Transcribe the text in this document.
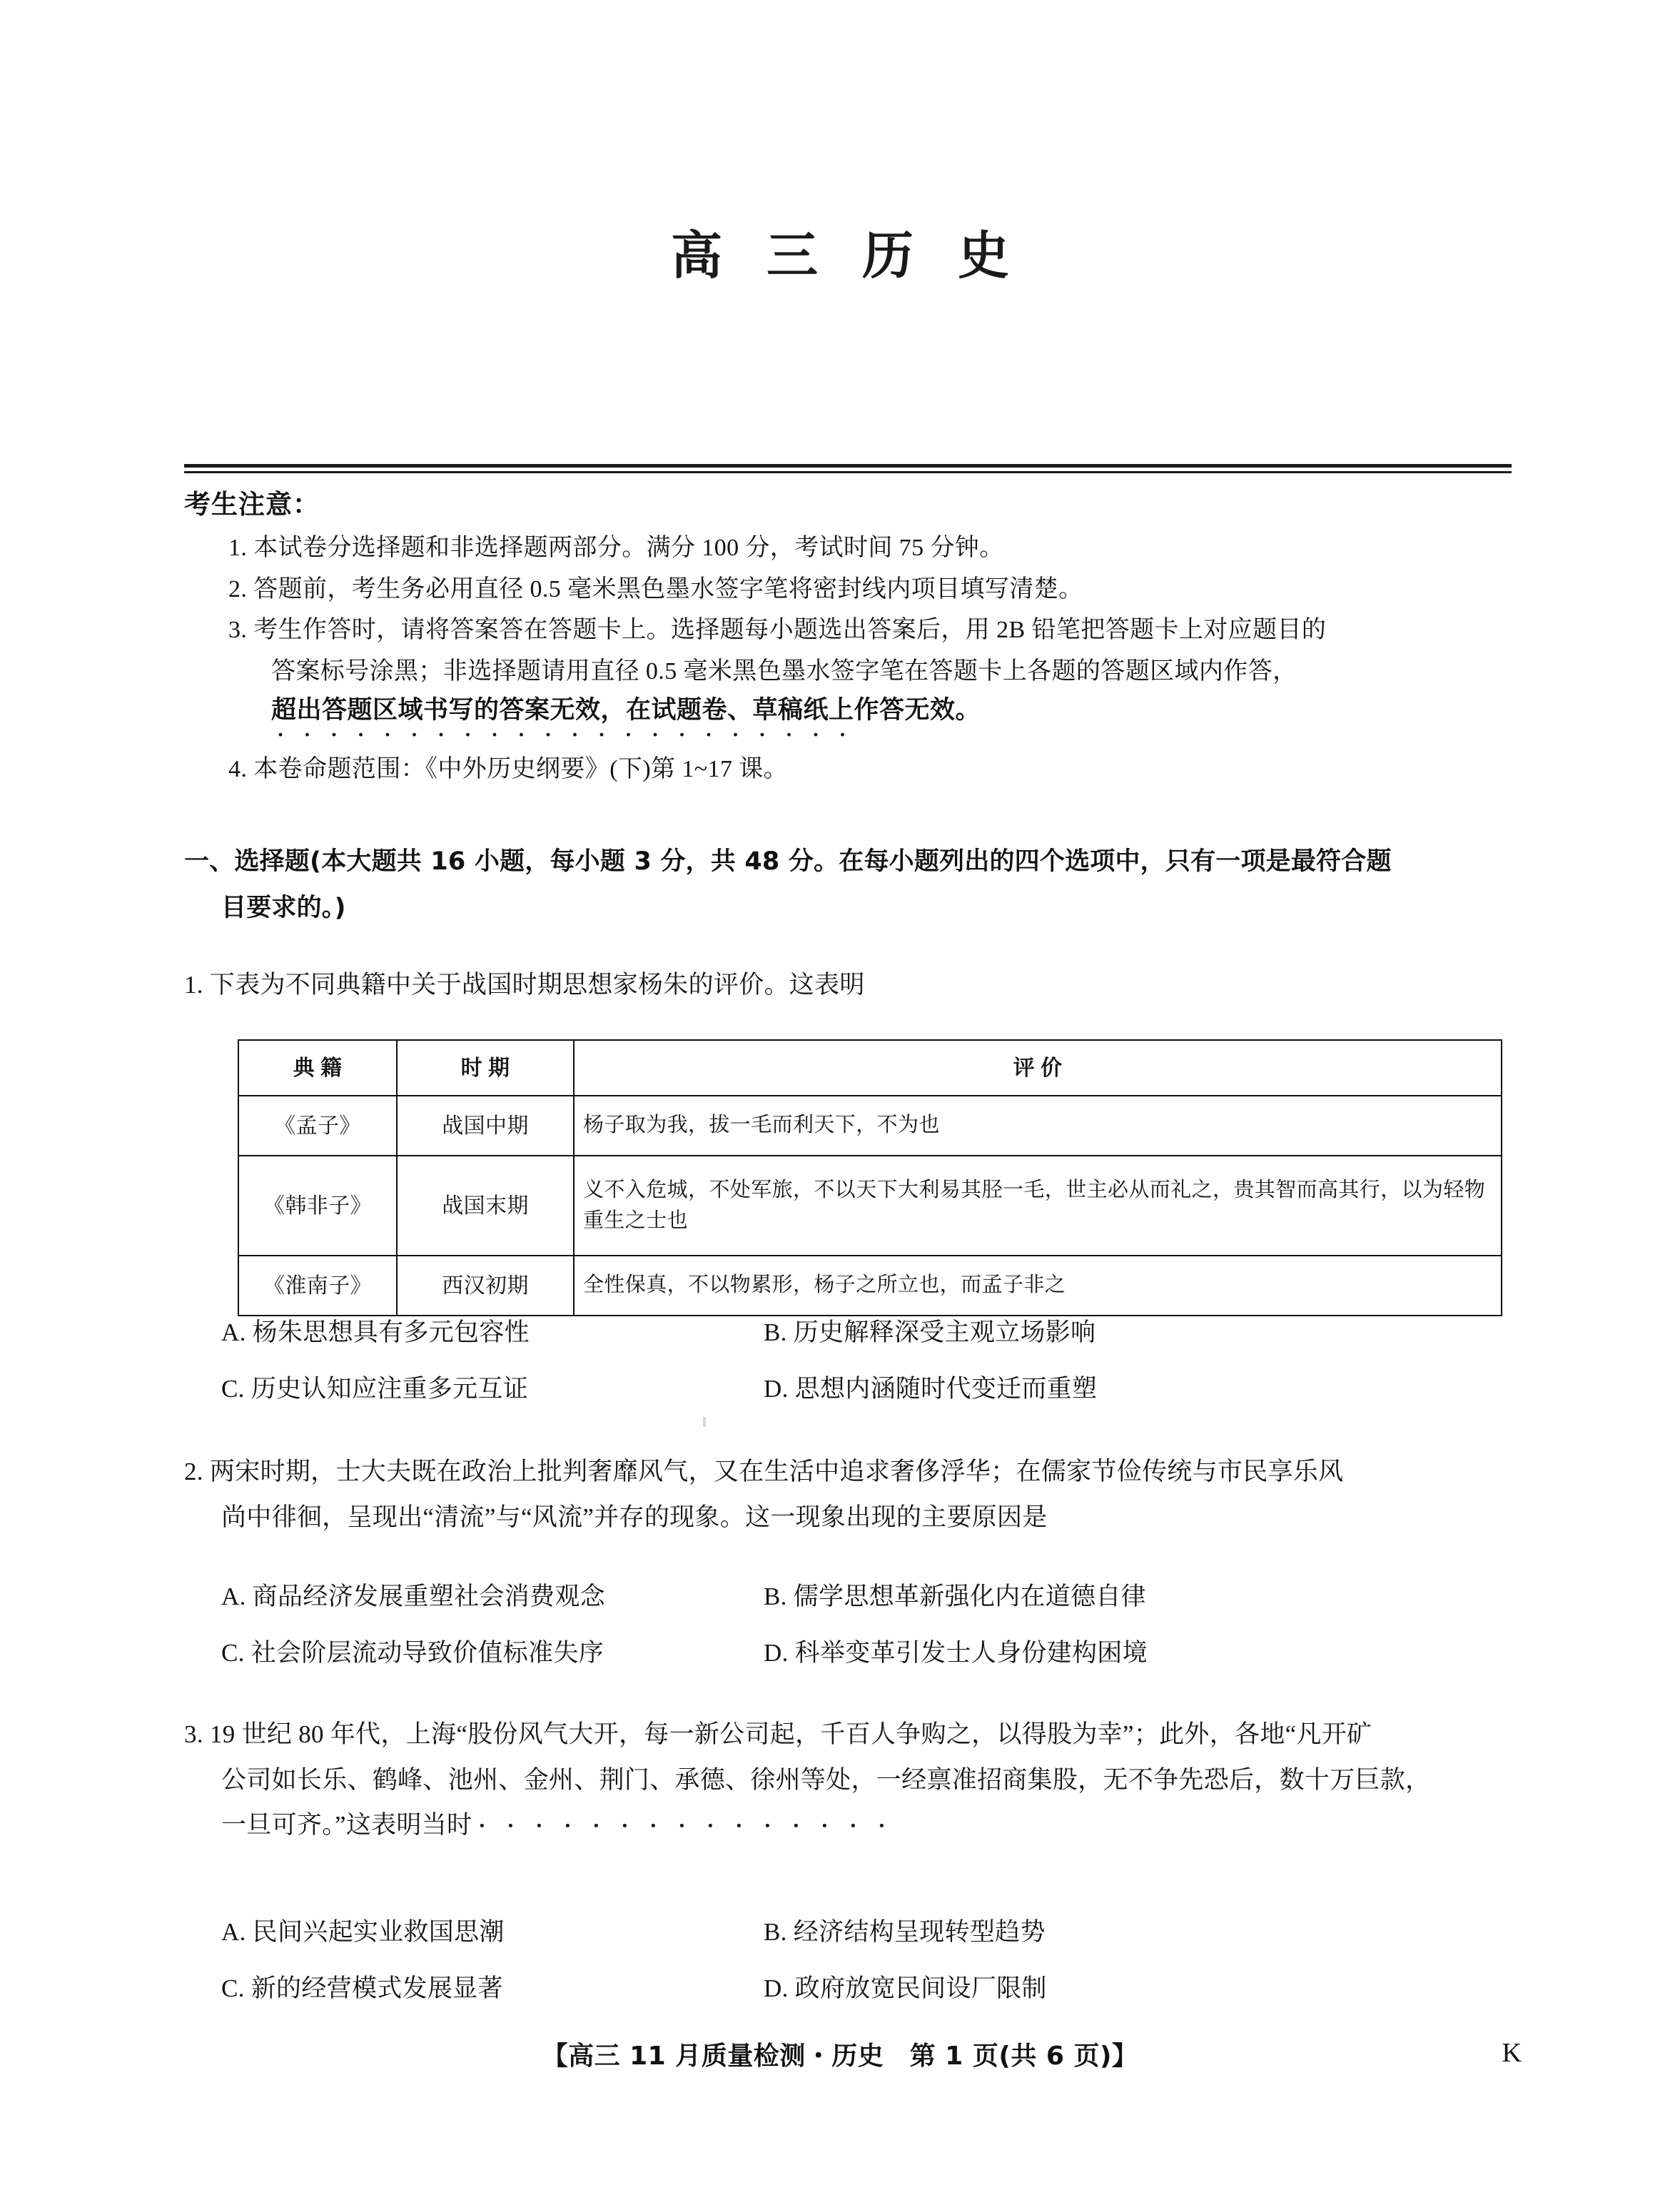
高 三 历 史
考生注意：

1. 本试卷分选择题和非选择题两部分。满分 100 分，考试时间 75 分钟。

2. 答题前，考生务必用直径 0.5 毫米黑色墨水签字笔将密封线内项目填写清楚。

3. 考生作答时，请将答案答在答题卡上。选择题每小题选出答案后，用 2B 铅笔把答题卡上对应题目的

答案标号涂黑；非选择题请用直径 0.5 毫米黑色墨水签字笔在答题卡上各题的答题区域内作答，

超出答题区域书写的答案无效，在试题卷、草稿纸上作答无效。

・・・・・・・・・・・・・・・・・・・・・・

4. 本卷命题范围：《中外历史纲要》(下)第 1~17 课。

一、选择题(本大题共 16 小题，每小题 3 分，共 48 分。在每小题列出的四个选项中，只有一项是最符合题
目要求的。)
1. 下表为不同典籍中关于战国时期思想家杨朱的评价。这表明
典 籍	时 期	评 价
《孟子》	战国中期	杨子取为我，拔一毛而利天下，不为也
《韩非子》	战国末期	义不入危城，不处军旅，不以天下大利易其胫一毛，世主必从而礼之，贵其智而高其行，以为轻物重生之士也
《淮南子》	西汉初期	全性保真，不以物累形，杨子之所立也，而孟子非之
A. 杨朱思想具有多元包容性	B. 历史解释深受主观立场影响
C. 历史认知应注重多元互证	D. 思想内涵随时代变迁而重塑
2. 两宋时期，士大夫既在政治上批判奢靡风气，又在生活中追求奢侈浮华；在儒家节俭传统与市民享乐风
尚中徘徊，呈现出“清流”与“风流”并存的现象。这一现象出现的主要原因是
A. 商品经济发展重塑社会消费观念	B. 儒学思想革新强化内在道德自律
C. 社会阶层流动导致价值标准失序	D. 科举变革引发士人身份建构困境
3. 19 世纪 80 年代，上海“股份风气大开，每一新公司起，千百人争购之，以得股为幸”；此外，各地“凡开矿
公司如长乐、鹤峰、池州、金州、荆门、承德、徐州等处，一经禀准招商集股，无不争先恐后，数十万巨款，
一旦可齐。”这表明当时・・・・・・・・・・・・・・・
A. 民间兴起实业救国思潮	B. 经济结构呈现转型趋势
C. 新的经营模式发展显著	D. 政府放宽民间设厂限制
【高三 11 月质量检测・历史　第 1 页(共 6 页)】	K
